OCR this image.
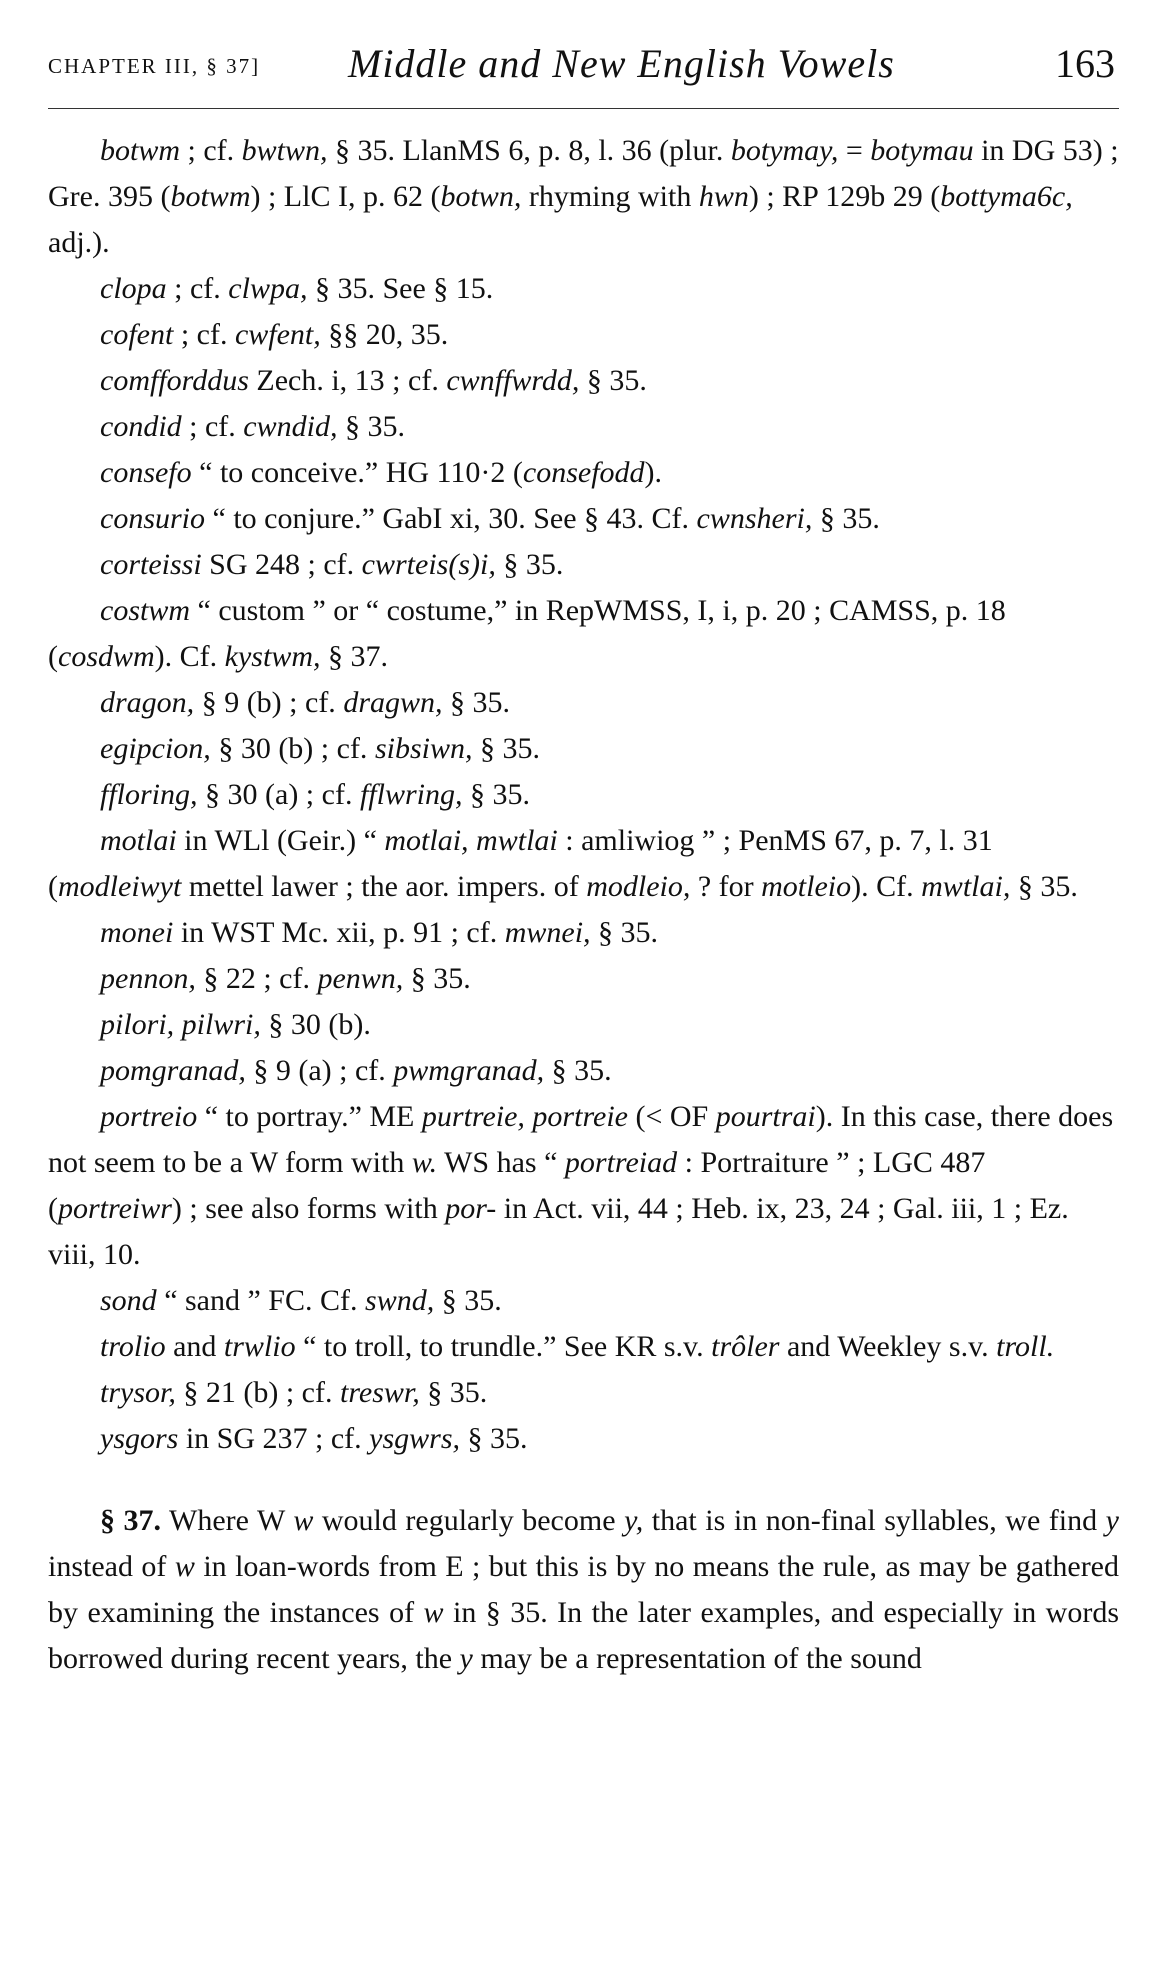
CHAPTER III, § 37] Middle and New English Vowels	163

botwm ; cf. bwtwn, § 35. LlanMS 6, p. 8, l. 36 (plur. botymay, = botymau in DG 53) ; Gre. 395 (botwm) ; LlC I, p. 62 (botwn, rhyming with hwn) ; RP 129b 29 (bottyma6c, adj.).

clopa ; cf. clwpa, § 35. See § 15.

cofent ; cf. cwfent, §§ 20, 35.

comfforddus Zech. i, 13 ; cf. cwnffwrdd, § 35.

condid ; cf. cwndid, § 35.

consefo “ to conceive.” HG 110·2 (consefodd).

consurio “ to conjure.” GabI xi, 30. See § 43. Cf. cwnsheri, § 35.

corteissi SG 248 ; cf. cwrteis(s)i, § 35.

costwm “ custom ” or “ costume,” in RepWMSS, I, i, p. 20 ; CAMSS, p. 18 (cosdwm). Cf. kystwm, § 37.

dragon, § 9 (b) ; cf. dragwn, § 35.

egipcion, § 30 (b) ; cf. sibsiwn, § 35.

ffloring, § 30 (a) ; cf. fflwring, § 35.

motlai in WLl (Geir.) “ motlai, mwtlai : amliwiog ” ; PenMS 67, p. 7, l. 31 (modleiwyt mettel lawer ; the aor. impers. of modleio, ? for motleio). Cf. mwtlai, § 35.

monei in WST Mc. xii, p. 91 ; cf. mwnei, § 35.

pennon, § 22 ; cf. penwn, § 35.

pilori, pilwri, § 30 (b).

pomgranad, § 9 (a) ; cf. pwmgranad, § 35.

portreio “ to portray.” ME purtreie, portreie (< OF pourtrai). In this case, there does not seem to be a W form with w. WS has “ portreiad : Portraiture ” ; LGC 487 (portreiwr) ; see also forms with por- in Act. vii, 44 ; Heb. ix, 23, 24 ; Gal. iii, 1 ; Ez. viii, 10.

sond “ sand ” FC. Cf. swnd, § 35.

trolio and trwlio “ to troll, to trundle.” See KR s.v. trôler and Weekley s.v. troll.

trysor, § 21 (b) ; cf. treswr, § 35.

ysgors in SG 237 ; cf. ysgwrs, § 35.

§ 37. Where W w would regularly become y, that is in non-final syllables, we find y instead of w in loan-words from E ; but this is by no means the rule, as may be gathered by examining the instances of w in § 35. In the later examples, and especially in words borrowed during recent years, the y may be a representation of the sound
